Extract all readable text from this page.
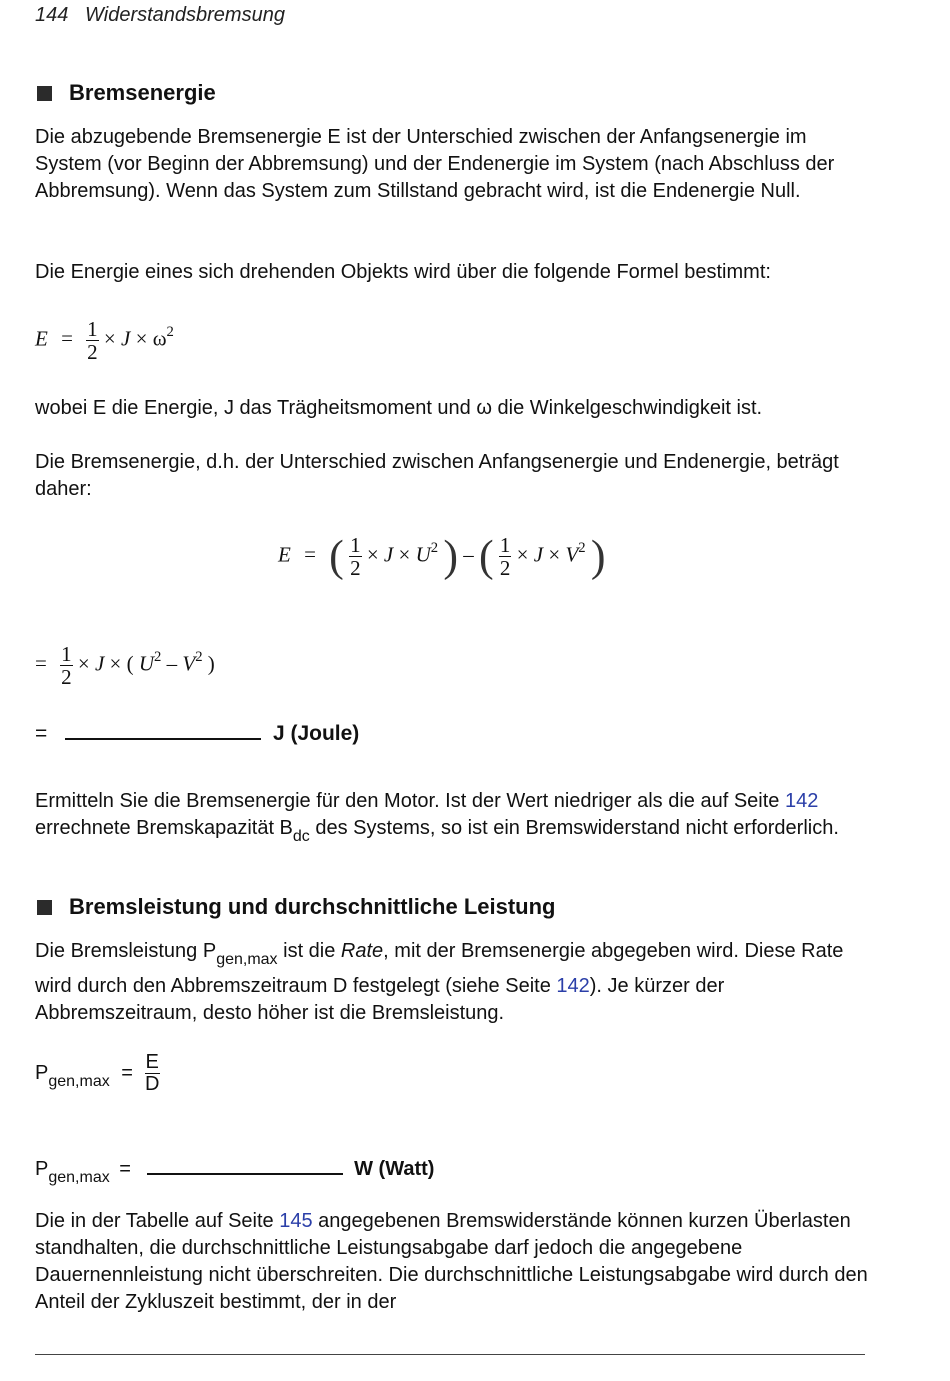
144 Widerstandsbremsung
Bremsenergie

Die abzugebende Bremsenergie E ist der Unterschied zwischen der Anfangsenergie im System (vor Beginn der Abbremsung) und der Endenergie im System (nach Abschluss der Abbremsung). Wenn das System zum Stillstand gebracht wird, ist die Endenergie Null.

Die Energie eines sich drehenden Objekts wird über die folgende Formel bestimmt:

$E = \frac{1}{2} \times J \times \omega^2$

wobei E die Energie, J das Trägheitsmoment und ω die Winkelgeschwindigkeit ist.

Die Bremsenergie, d.h. der Unterschied zwischen Anfangsenergie und Endenergie, beträgt daher:

E = ( $\frac{1}{2} \times J \times U^2$ ) – ( $\frac{1}{2} \times J \times V^2$ )
= $\frac{1}{2} \times J$ × ( $U^2 - V^2$ )
=	J (Joule)

Ermitteln Sie die Bremsenergie für den Motor. Ist der Wert niedriger als die auf Seite 142 errechnete Bremskapazität $B_{dc}$ des Systems, so ist ein Bremswiderstand nicht erforderlich.

Bremsleistung und durchschnittliche Leistung

Die Bremsleistung $P_{gen,max}$ ist die Rate, mit der Bremsenergie abgegeben wird. Diese Rate wird durch den Abbremszeitraum D festgelegt (siehe Seite 142). Je kürzer der Abbremszeitraum, desto höher ist die Bremsleistung.

$P_{gen,max} = \frac{E}{D}$
$P_{gen,max}$ =	W (Watt)

Die in der Tabelle auf Seite 145 angegebenen Bremswiderstände können kurzen Überlasten standhalten, die durchschnittliche Leistungsabgabe darf jedoch die angegebene Dauernennleistung nicht überschreiten. Die durchschnittliche Leistungsabgabe wird durch den Anteil der Zykluszeit bestimmt, der in der
